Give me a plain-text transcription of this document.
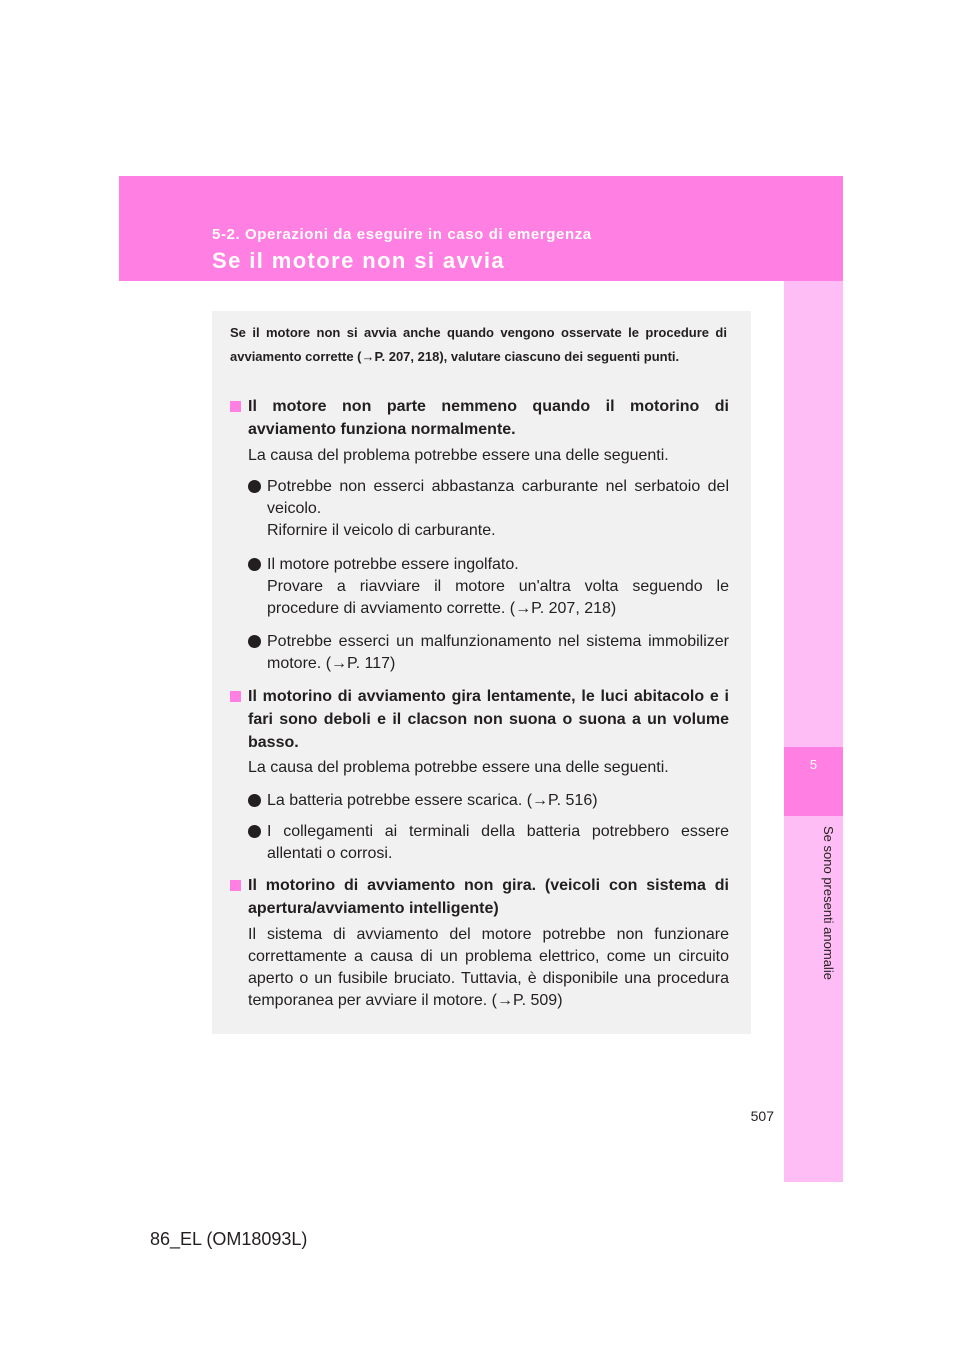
5-2. Operazioni da eseguire in caso di emergenza
Se il motore non si avvia
5
Se sono presenti anomalie
Se il motore non si avvia anche quando vengono osservate le procedure di avviamento corrette (→P. 207, 218), valutare ciascuno dei seguenti punti.
Il motore non parte nemmeno quando il motorino di avviamento funziona normalmente.
La causa del problema potrebbe essere una delle seguenti.
Potrebbe non esserci abbastanza carburante nel serbatoio del veicolo.
Rifornire il veicolo di carburante.
Il motore potrebbe essere ingolfato.
Provare a riavviare il motore un'altra volta seguendo le procedure di avviamento corrette. (→P. 207, 218)
Potrebbe esserci un malfunzionamento nel sistema immobilizer motore. (→P. 117)
Il motorino di avviamento gira lentamente, le luci abitacolo e i fari sono deboli e il clacson non suona o suona a un volume basso.
La causa del problema potrebbe essere una delle seguenti.
La batteria potrebbe essere scarica. (→P. 516)
I collegamenti ai terminali della batteria potrebbero essere allentati o corrosi.
Il motorino di avviamento non gira. (veicoli con sistema di apertura/avviamento intelligente)
Il sistema di avviamento del motore potrebbe non funzionare correttamente a causa di un problema elettrico, come un circuito aperto o un fusibile bruciato. Tuttavia, è disponibile una procedura temporanea per avviare il motore. (→P. 509)
507
86_EL (OM18093L)
